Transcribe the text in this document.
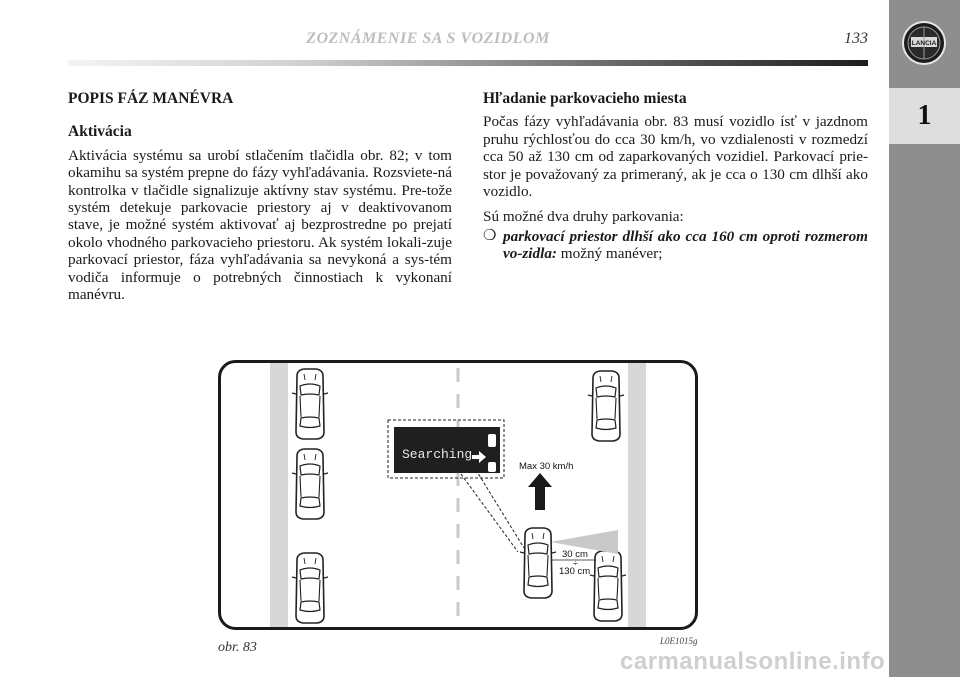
ZOZNÁMENIE SA S VOZIDLOM	133	LANCIA
1
POPIS FÁZ MANÉVRA
Aktivácia

Aktivácia systému sa urobí stlačením tlačidla obr. 82; v tom okamihu sa systém prepne do fázy vyhľadávania. Rozsviete-ná kontrolka v tlačidle signalizuje aktívny stav systému. Pre-tože systém detekuje parkovacie priestory aj v deaktivovanom stave, je možné systém aktivovať aj bezprostredne po prejatí okolo vhodného parkovacieho priestoru. Ak systém lokali-zuje parkovací priestor, fáza vyhľadávania sa nevykoná a sys-tém vodiča informuje o potrebných činnostiach k vykonaní manévru.

Hľadanie parkovacieho miesta

Počas fázy vyhľadávania obr. 83 musí vozidlo ísť v jazdnom pruhu rýchlosťou do cca 30 km/h, vo vzdialenosti v rozmedzí cca 50 až 130 cm od zaparkovaných vozidiel. Parkovací prie-stor je považovaný za primeraný, ak je cca o 130 cm dlhší ako vozidlo.

Sú možné dva druhy parkovania:

❍ parkovací priestor dlhší ako cca 160 cm oproti rozmerom vo-zidla: možný manéver;
Searching
Max 30 km/h
30 cm
÷
130 cm
obr. 83	L0E1015g
carmanualsonline.info
